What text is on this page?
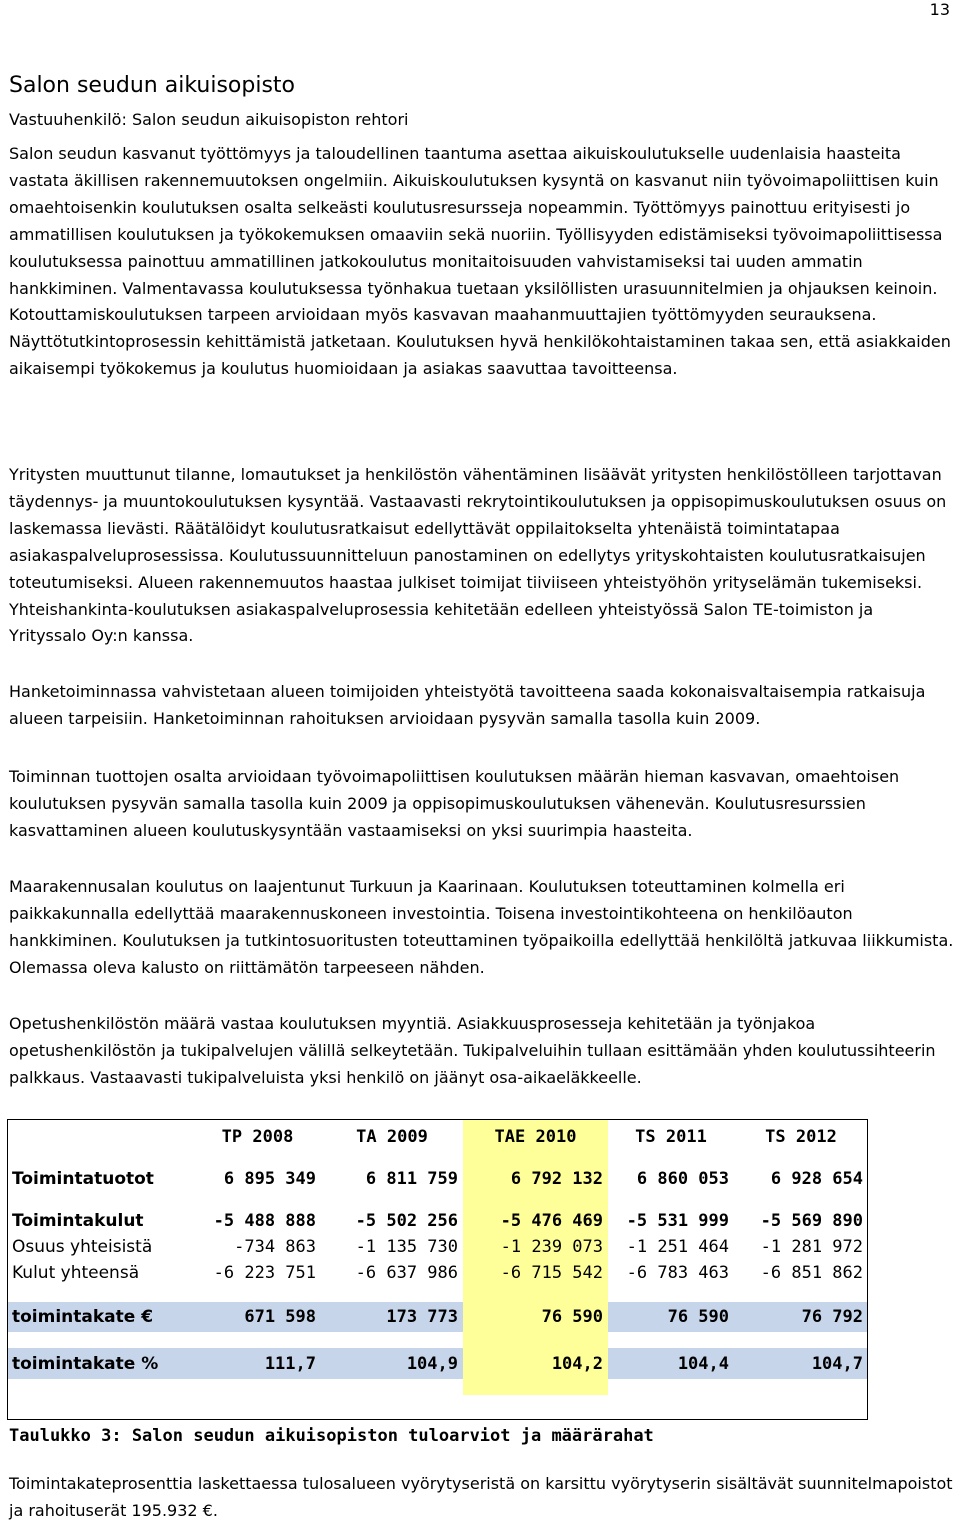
13
Salon seudun aikuisopisto
Vastuuhenkilö: Salon seudun aikuisopiston rehtori

Salon seudun kasvanut työttömyys ja taloudellinen taantuma asettaa aikuiskoulutukselle uudenlaisia haasteita vastata äkillisen rakennemuutoksen ongelmiin. Aikuiskoulutuksen kysyntä on kasvanut niin työvoimapoliittisen kuin omaehtoisenkin koulutuksen osalta selkeästi koulutusresursseja nopeammin. Työttömyys painottuu erityisesti jo ammatillisen koulutuksen ja työkokemuksen omaaviin sekä nuoriin. Työllisyyden edistämiseksi työvoimapoliittisessa koulutuksessa painottuu ammatillinen jatkokoulutus monitaitoisuuden vahvistamiseksi tai uuden ammatin hankkiminen. Valmentavassa koulutuksessa työnhakua tuetaan yksilöllisten urasuunnitelmien ja ohjauksen keinoin. Kotouttamiskoulutuksen tarpeen arvioidaan myös kasvavan maahanmuuttajien työttömyyden seurauksena. Näyttötutkintoprosessin kehittämistä jatketaan. Koulutuksen hyvä henkilökohtaistaminen takaa sen, että asiakkaiden aikaisempi työkokemus ja koulutus huomioidaan ja asiakas saavuttaa tavoitteensa.

Yritysten muuttunut tilanne, lomautukset ja henkilöstön vähentäminen lisäävät yritysten henkilöstölleen tarjottavan täydennys- ja muuntokoulutuksen kysyntää. Vastaavasti rekrytointikoulutuksen ja oppisopimuskoulutuksen osuus on laskemassa lievästi. Räätälöidyt koulutusratkaisut edellyttävät oppilaitokselta yhtenäistä toimintatapaa asiakaspalveluprosessissa. Koulutussuunnitteluun panostaminen on edellytys yrityskohtaisten koulutusratkaisujen toteutumiseksi. Alueen rakennemuutos haastaa julkiset toimijat tiiviiseen yhteistyöhön yrityselämän tukemiseksi. Yhteishankinta-koulutuksen asiakaspalveluprosessia kehitetään edelleen yhteistyössä Salon TE-toimiston ja Yrityssalo Oy:n kanssa.

Hanketoiminnassa vahvistetaan alueen toimijoiden yhteistyötä tavoitteena saada kokonaisvaltaisempia ratkaisuja alueen tarpeisiin. Hanketoiminnan rahoituksen arvioidaan pysyvän samalla tasolla kuin 2009.

Toiminnan tuottojen osalta arvioidaan työvoimapoliittisen koulutuksen määrän hieman kasvavan, omaehtoisen koulutuksen pysyvän samalla tasolla kuin 2009 ja oppisopimuskoulutuksen vähenevän. Koulutusresurssien kasvattaminen alueen koulutuskysyntään vastaamiseksi on yksi suurimpia haasteita.

Maarakennusalan koulutus on laajentunut Turkuun ja Kaarinaan. Koulutuksen toteuttaminen kolmella eri paikkakunnalla edellyttää maarakennuskoneen investointia. Toisena investointikohteena on henkilöauton hankkiminen. Koulutuksen ja tutkintosuoritusten toteuttaminen työpaikoilla edellyttää henkilöltä jatkuvaa liikkumista. Olemassa oleva kalusto on riittämätön tarpeeseen nähden.

Opetushenkilöstön määrä vastaa koulutuksen myyntiä. Asiakkuusprosesseja kehitetään ja työnjakoa opetushenkilöstön ja tukipalvelujen välillä selkeytetään. Tukipalveluihin tullaan esittämään yhden koulutussihteerin palkkaus. Vastaavasti tukipalveluista yksi henkilö on jäänyt osa-aikaeläkkeelle.

	TP 2008	TA 2009	TAE 2010	TS 2011	TS 2012

Toimintatuotot	6 895 349	6 811 759	6 792 132	6 860 053	6 928 654

Toimintakulut	-5 488 888	-5 502 256	-5 476 469	-5 531 999	-5 569 890
Osuus yhteisistä	-734 863	-1 135 730	-1 239 073	-1 251 464	-1 281 972
Kulut yhteensä	-6 223 751	-6 637 986	-6 715 542	-6 783 463	-6 851 862

toimintakate €	671 598	173 773	76 590	76 590	76 792

toimintakate %	111,7	104,9	104,2	104,4	104,7

Taulukko 3: Salon seudun aikuisopiston tuloarviot ja määrärahat

Toimintakateprosenttia laskettaessa tulosalueen vyörytyseristä on karsittu vyörytyserin sisältävät suunnitelmapoistot ja rahoituserät 195.932 €.
